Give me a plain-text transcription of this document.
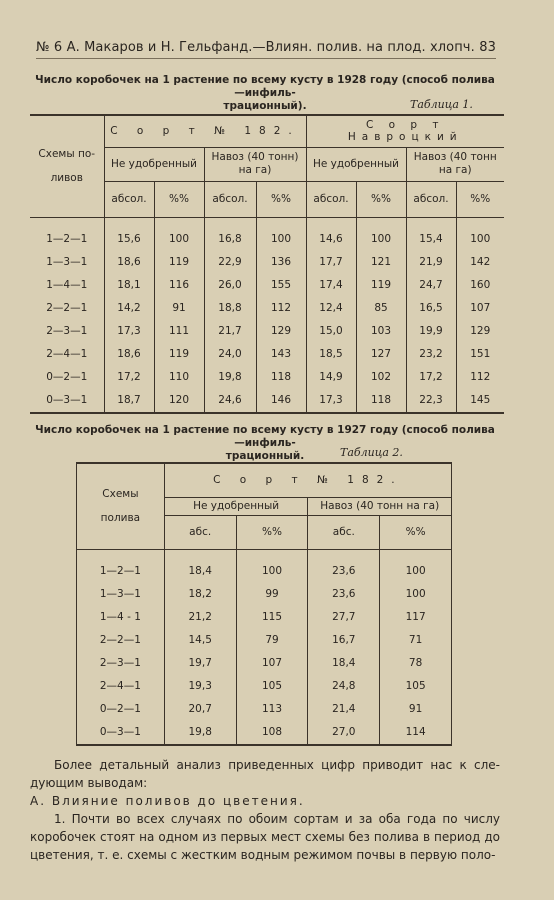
№ 6 А. Макаров и Н. Гельфанд.—Влиян. полив. на плод. хлопч. 83
Число коробочек на 1 растение по всему кусту в 1928 году (способ полива—инфиль-
трационный).	Таблица 1.
Схемы по-
ливов	С о р т № 182.				С о р т Навроцкий			
	Не удобренный		Навоз (40 тонн) на га)		Не удобренный		Навоз (40 тонн на га)	
	абсол.	%%	абсол.	%%	абсол.	%%	абсол.	%%

1—2—1	15,6	100	16,8	100	14,6	100	15,4	100
1—3—1	18,6	119	22,9	136	17,7	121	21,9	142
1—4—1	18,1	116	26,0	155	17,4	119	24,7	160
2—2—1	14,2	91	18,8	112	12,4	85	16,5	107
2—3—1	17,3	111	21,7	129	15,0	103	19,9	129
2—4—1	18,6	119	24,0	143	18,5	127	23,2	151
0—2—1	17,2	110	19,8	118	14,9	102	17,2	112
0—3—1	18,7	120	24,6	146	17,3	118	22,3	145
Число коробочек на 1 растение по всему кусту в 1927 году (способ полива—инфиль-
трационный.	Таблица 2.
Схемы
полива	С о р т № 182.			
	Не удобренный		Навоз (40 тонн на га)	
	абс.	%%	абс.	%%

1—2—1	18,4	100	23,6	100
1—3—1	18,2	99	23,6	100
1—4 - 1	21,2	115	27,7	117
2—2—1	14,5	79	16,7	71
2—3—1	19,7	107	18,4	78
2—4—1	19,3	105	24,8	105
0—2—1	20,7	113	21,4	91
0—3—1	19,8	108	27,0	114
Более детальный анализ приведенных цифр приводит нас к сле-дующим выводам:
А. Влияние поливов до цветения.
1. Почти во всех случаях по обоим сортам и за оба года по числу коробочек стоят на одном из первых мест схемы без полива в период до цветения, т. е. схемы с жестким водным режимом почвы в первую поло-
